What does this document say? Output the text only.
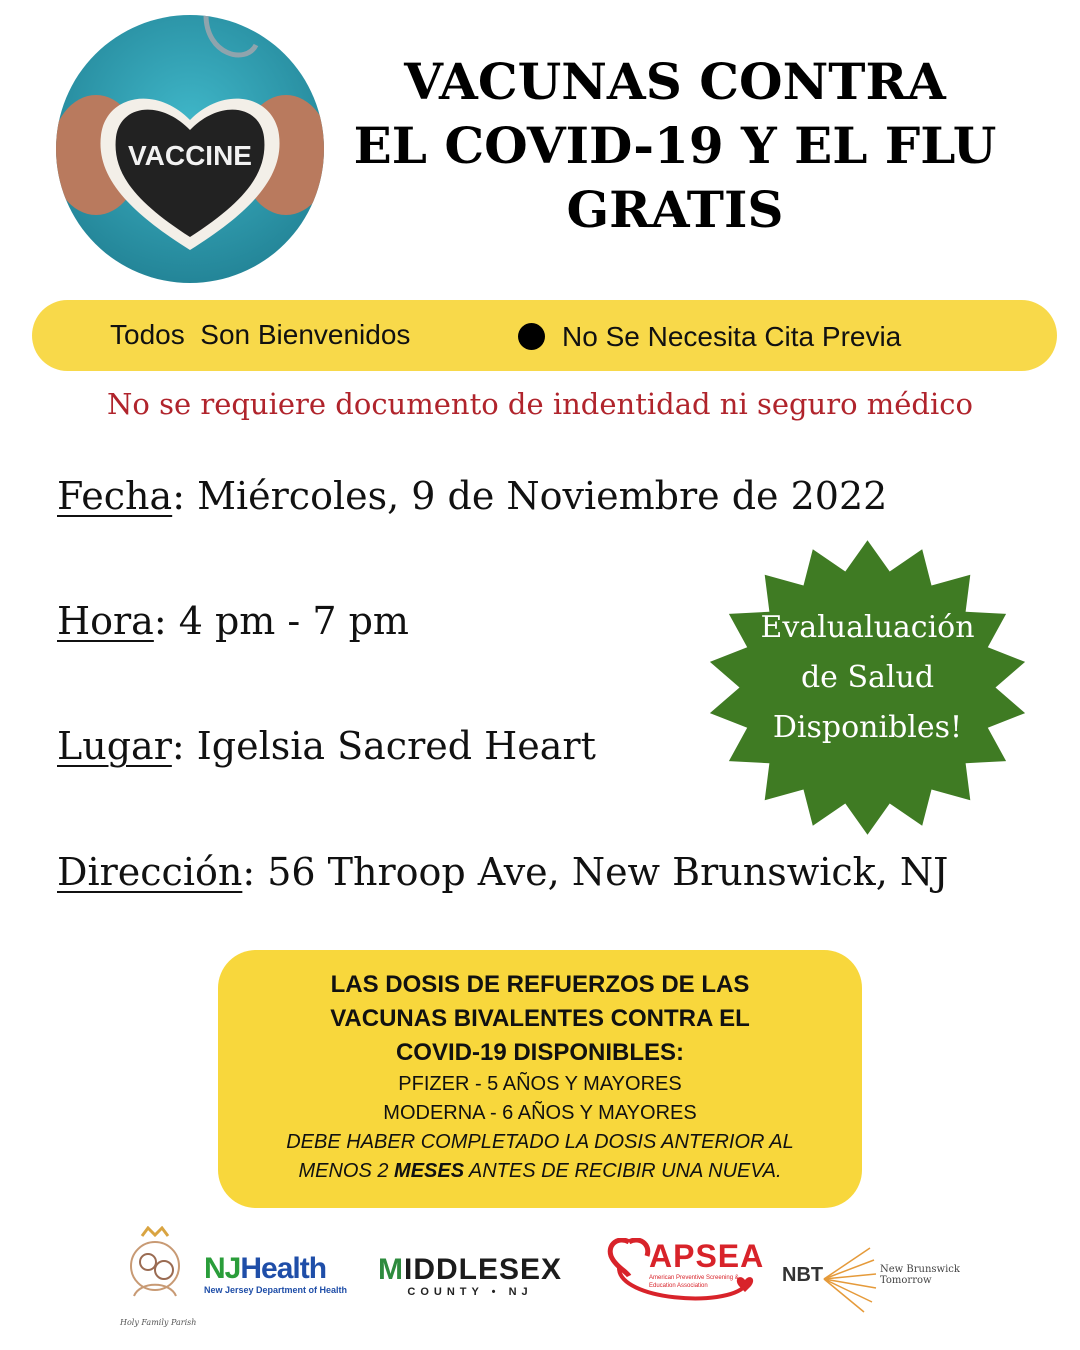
VACCINE
VACUNAS CONTRA
EL COVID-19 Y EL FLU
GRATIS
Todos  Son Bienvenidos	No Se Necesita Cita Previa
No se requiere documento de indentidad ni seguro médico
Fecha: Miércoles, 9 de Noviembre de 2022
Hora: 4 pm - 7 pm
Lugar: Igelsia Sacred Heart
Dirección: 56 Throop Ave, New Brunswick, NJ
Evalualuación
de Salud
Disponibles!
LAS DOSIS DE REFUERZOS DE LAS
VACUNAS BIVALENTES CONTRA EL
COVID-19 DISPONIBLES:
PFIZER - 5 AÑOS Y MAYORES
MODERNA - 6 AÑOS Y MAYORES
DEBE HABER COMPLETADO LA DOSIS ANTERIOR AL
MENOS 2 MESES ANTES DE RECIBIR UNA NUEVA.
Holy Family Parish
NJHealth
New Jersey Department of Health
MIDDLESEX
COUNTY • NJ
APSEA
American Preventive Screening & Education Association	NBT	New Brunswick Tomorrow
